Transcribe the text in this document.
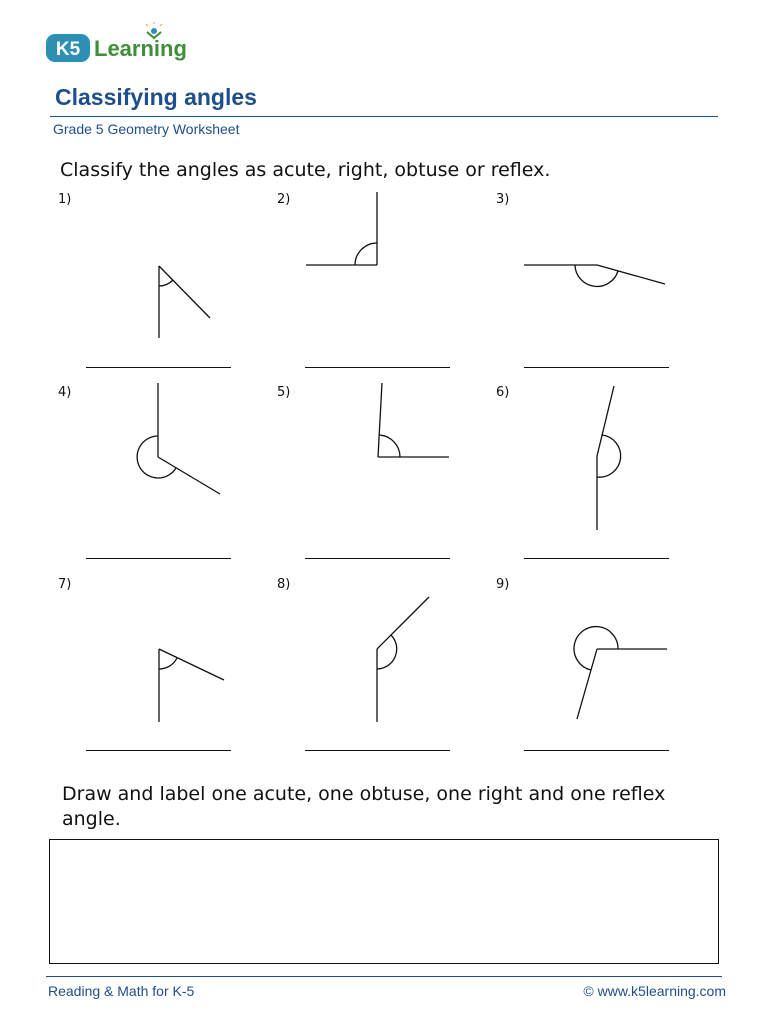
K5 Learning
Classifying angles
Grade 5 Geometry Worksheet
Classify the angles as acute, right, obtuse or reflex.
1)	2)	3)
4)	5)	6)
7)	8)	9)
Draw and label one acute, one obtuse, one right and one reflex angle.
Reading & Math for K-5	© www.k5learning.com
